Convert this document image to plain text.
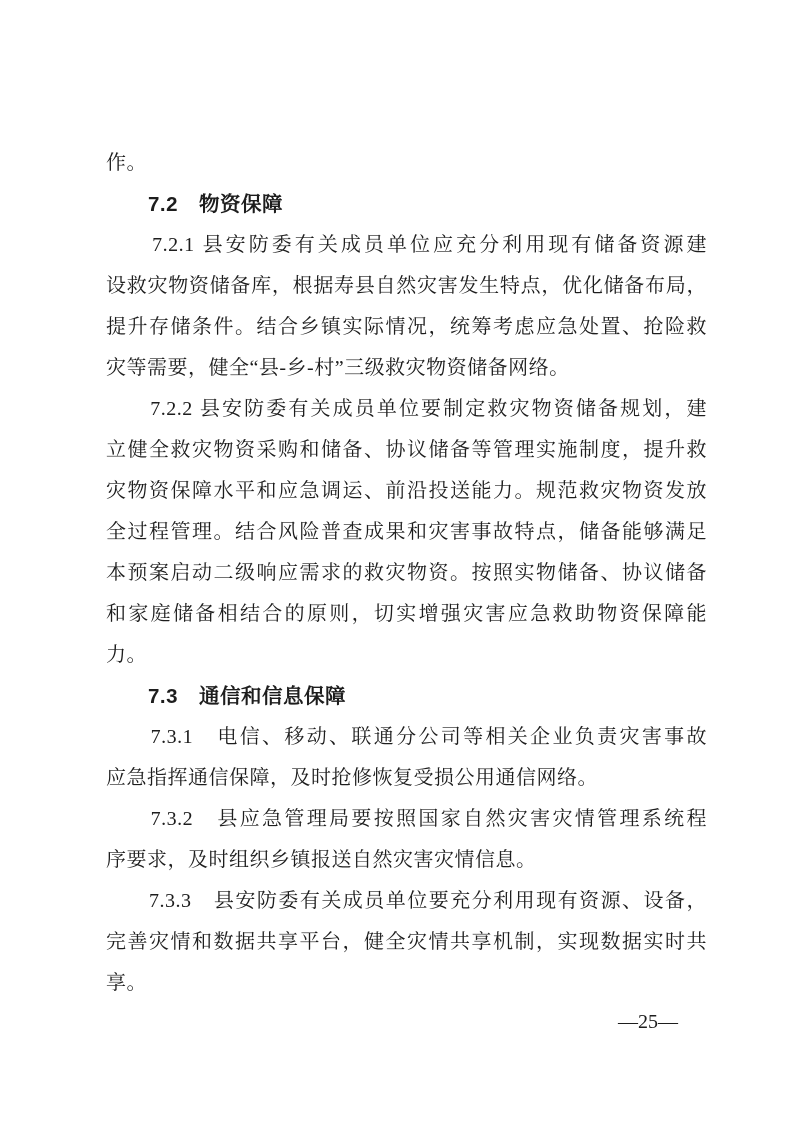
作。
　　7.2　物资保障
　　7.2.1 县安防委有关成员单位应充分利用现有储备资源建
设救灾物资储备库，根据寿县自然灾害发生特点，优化储备布局，
提升存储条件。结合乡镇实际情况，统筹考虑应急处置、抢险救
灾等需要，健全“县-乡-村”三级救灾物资储备网络。
　　7.2.2 县安防委有关成员单位要制定救灾物资储备规划，建
立健全救灾物资采购和储备、协议储备等管理实施制度，提升救
灾物资保障水平和应急调运、前沿投送能力。规范救灾物资发放
全过程管理。结合风险普查成果和灾害事故特点，储备能够满足
本预案启动二级响应需求的救灾物资。按照实物储备、协议储备
和家庭储备相结合的原则，切实增强灾害应急救助物资保障能
力。
　　7.3　通信和信息保障
　　7.3.1　电信、移动、联通分公司等相关企业负责灾害事故
应急指挥通信保障，及时抢修恢复受损公用通信网络。
　　7.3.2　县应急管理局要按照国家自然灾害灾情管理系统程
序要求，及时组织乡镇报送自然灾害灾情信息。
　　7.3.3　县安防委有关成员单位要充分利用现有资源、设备，
完善灾情和数据共享平台，健全灾情共享机制，实现数据实时共
享。
—25—
